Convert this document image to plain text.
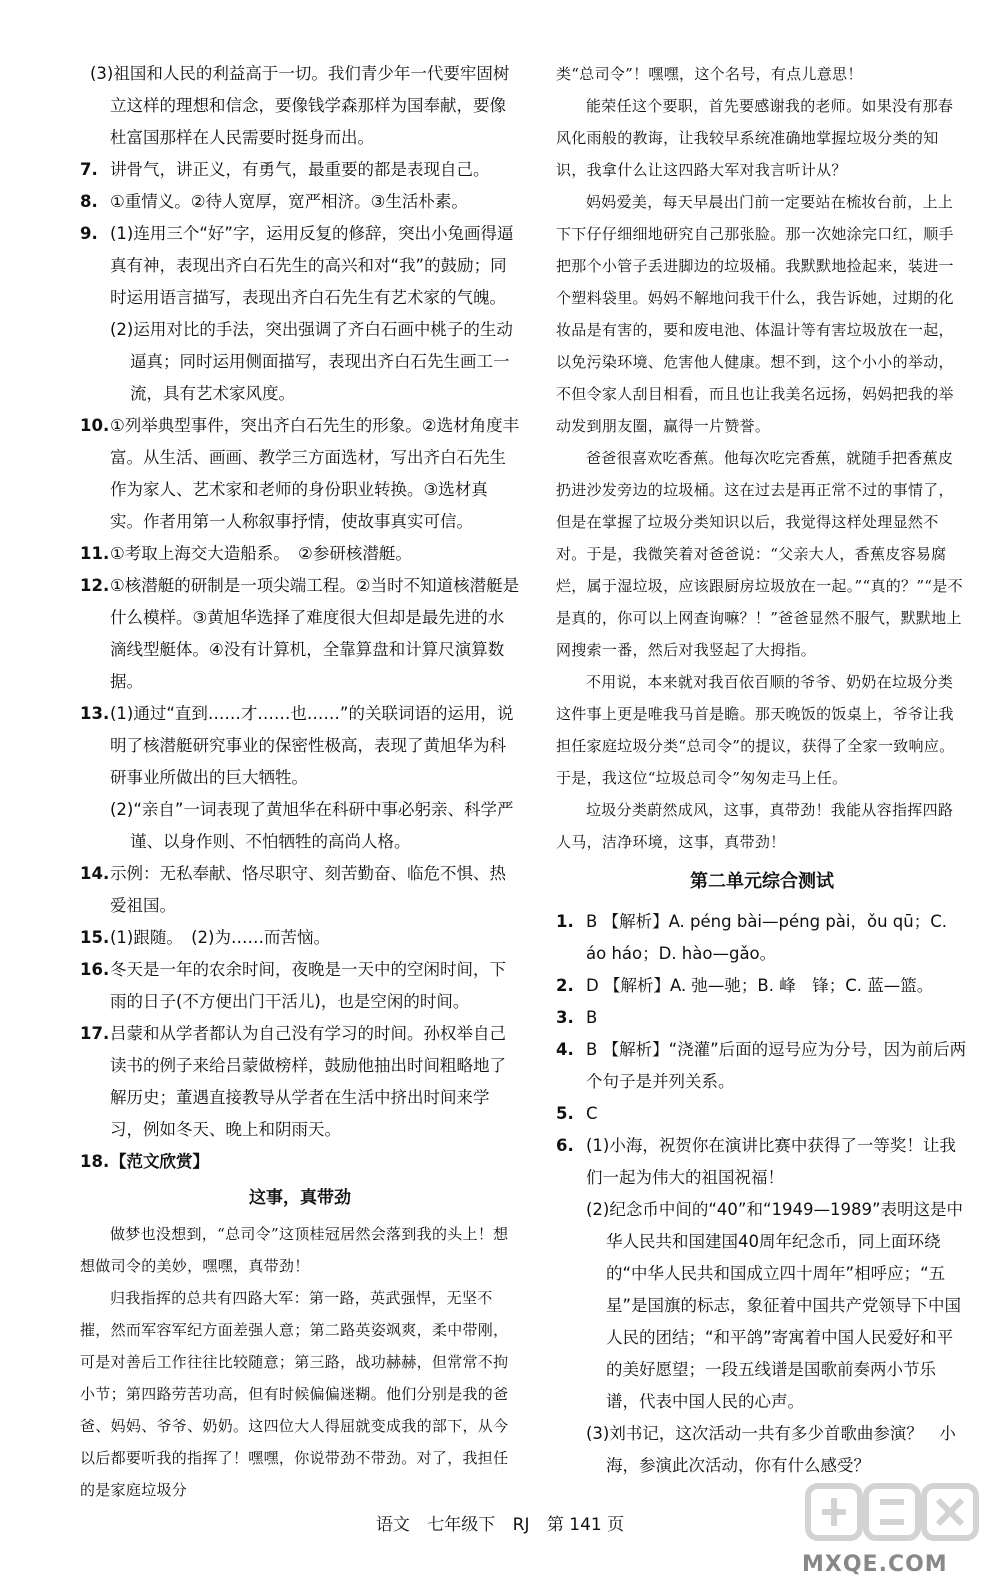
(3)祖国和人民的利益高于一切。我们青少年一代要牢固树立这样的理想和信念，要像钱学森那样为国奉献，要像杜富国那样在人民需要时挺身而出。

7. 讲骨气，讲正义，有勇气，最重要的都是表现自己。
8. ①重情义。②待人宽厚，宽严相济。③生活朴素。
9. (1)连用三个“好”字，运用反复的修辞，突出小兔画得逼真有神，表现出齐白石先生的高兴和对“我”的鼓励；同时运用语言描写，表现出齐白石先生有艺术家的气魄。

(2)运用对比的手法，突出强调了齐白石画中桃子的生动逼真；同时运用侧面描写，表现出齐白石先生画工一流，具有艺术家风度。

10. ①列举典型事件，突出齐白石先生的形象。②选材角度丰富。从生活、画画、教学三方面选材，写出齐白石先生作为家人、艺术家和老师的身份职业转换。③选材真实。作者用第一人称叙事抒情，使故事真实可信。
11. ①考取上海交大造船系。　②参研核潜艇。
12. ①核潜艇的研制是一项尖端工程。②当时不知道核潜艇是什么模样。③黄旭华选择了难度很大但却是最先进的水滴线型艇体。④没有计算机，全靠算盘和计算尺演算数据。
13. (1)通过“直到……才……也……”的关联词语的运用，说明了核潜艇研究事业的保密性极高，表现了黄旭华为科研事业所做出的巨大牺牲。

(2)“亲自”一词表现了黄旭华在科研中事必躬亲、科学严谨、以身作则、不怕牺牲的高尚人格。

14. 示例：无私奉献、恪尽职守、刻苦勤奋、临危不惧、热爱祖国。
15. (1)跟随。　(2)为……而苦恼。
16. 冬天是一年的农余时间，夜晚是一天中的空闲时间，下雨的日子(不方便出门干活儿)，也是空闲的时间。
17. 吕蒙和从学者都认为自己没有学习的时间。孙权举自己读书的例子来给吕蒙做榜样，鼓励他抽出时间粗略地了解历史；董遇直接教导从学者在生活中挤出时间来学习，例如冬天、晚上和阴雨天。
18. 【范文欣赏】
这事，真带劲

做梦也没想到，“总司令”这顶桂冠居然会落到我的头上！想想做司令的美妙，嘿嘿，真带劲！

归我指挥的总共有四路大军：第一路，英武强悍，无坚不摧，然而军容军纪方面差强人意；第二路英姿飒爽，柔中带刚，可是对善后工作往往比较随意；第三路，战功赫赫，但常常不拘小节；第四路劳苦功高，但有时候偏偏迷糊。他们分别是我的爸爸、妈妈、爷爷、奶奶。这四位大人得屈就变成我的部下，从今以后都要听我的指挥了！嘿嘿，你说带劲不带劲。对了，我担任的是家庭垃圾分

类“总司令”！嘿嘿，这个名号，有点儿意思！

能荣任这个要职，首先要感谢我的老师。如果没有那春风化雨般的教诲，让我较早系统准确地掌握垃圾分类的知识，我拿什么让这四路大军对我言听计从？

妈妈爱美，每天早晨出门前一定要站在梳妆台前，上上下下仔仔细细地研究自己那张脸。那一次她涂完口红，顺手把那个小管子丢进脚边的垃圾桶。我默默地捡起来，装进一个塑料袋里。妈妈不解地问我干什么，我告诉她，过期的化妆品是有害的，要和废电池、体温计等有害垃圾放在一起，以免污染环境、危害他人健康。想不到，这个小小的举动，不但令家人刮目相看，而且也让我美名远扬，妈妈把我的举动发到朋友圈，赢得一片赞誉。

爸爸很喜欢吃香蕉。他每次吃完香蕉，就随手把香蕉皮扔进沙发旁边的垃圾桶。这在过去是再正常不过的事情了，但是在掌握了垃圾分类知识以后，我觉得这样处理显然不对。于是，我微笑着对爸爸说：“父亲大人，香蕉皮容易腐烂，属于湿垃圾，应该跟厨房垃圾放在一起。”“真的？”“是不是真的，你可以上网查询嘛？！”爸爸显然不服气，默默地上网搜索一番，然后对我竖起了大拇指。

不用说，本来就对我百依百顺的爷爷、奶奶在垃圾分类这件事上更是唯我马首是瞻。那天晚饭的饭桌上，爷爷让我担任家庭垃圾分类“总司令”的提议，获得了全家一致响应。于是，我这位“垃圾总司令”匆匆走马上任。

垃圾分类蔚然成风，这事，真带劲！我能从容指挥四路人马，洁净环境，这事，真带劲！

第二单元综合测试
1. B 【解析】A. péng bài—péng pài，ǒu qū；C. áo háo；D. hào—gǎo。
2. D 【解析】A. 弛—驰；B. 峰　锋；C. 蓝—篮。
3. B
4. B 【解析】“浇灌”后面的逗号应为分号，因为前后两个句子是并列关系。
5. C
6. (1)小海，祝贺你在演讲比赛中获得了一等奖！让我们一起为伟大的祖国祝福！

(2)纪念币中间的“40”和“1949—1989”表明这是中华人民共和国建国40周年纪念币，同上面环绕的“中华人民共和国成立四十周年”相呼应；“五星”是国旗的标志，象征着中国共产党领导下中国人民的团结；“和平鸽”寄寓着中国人民爱好和平的美好愿望；一段五线谱是国歌前奏两小节乐谱，代表中国人民的心声。

(3)刘书记，这次活动一共有多少首歌曲参演？　小海，参演此次活动，你有什么感受？

语文 七年级下 RJ 第 141 页
MXQE.COM
